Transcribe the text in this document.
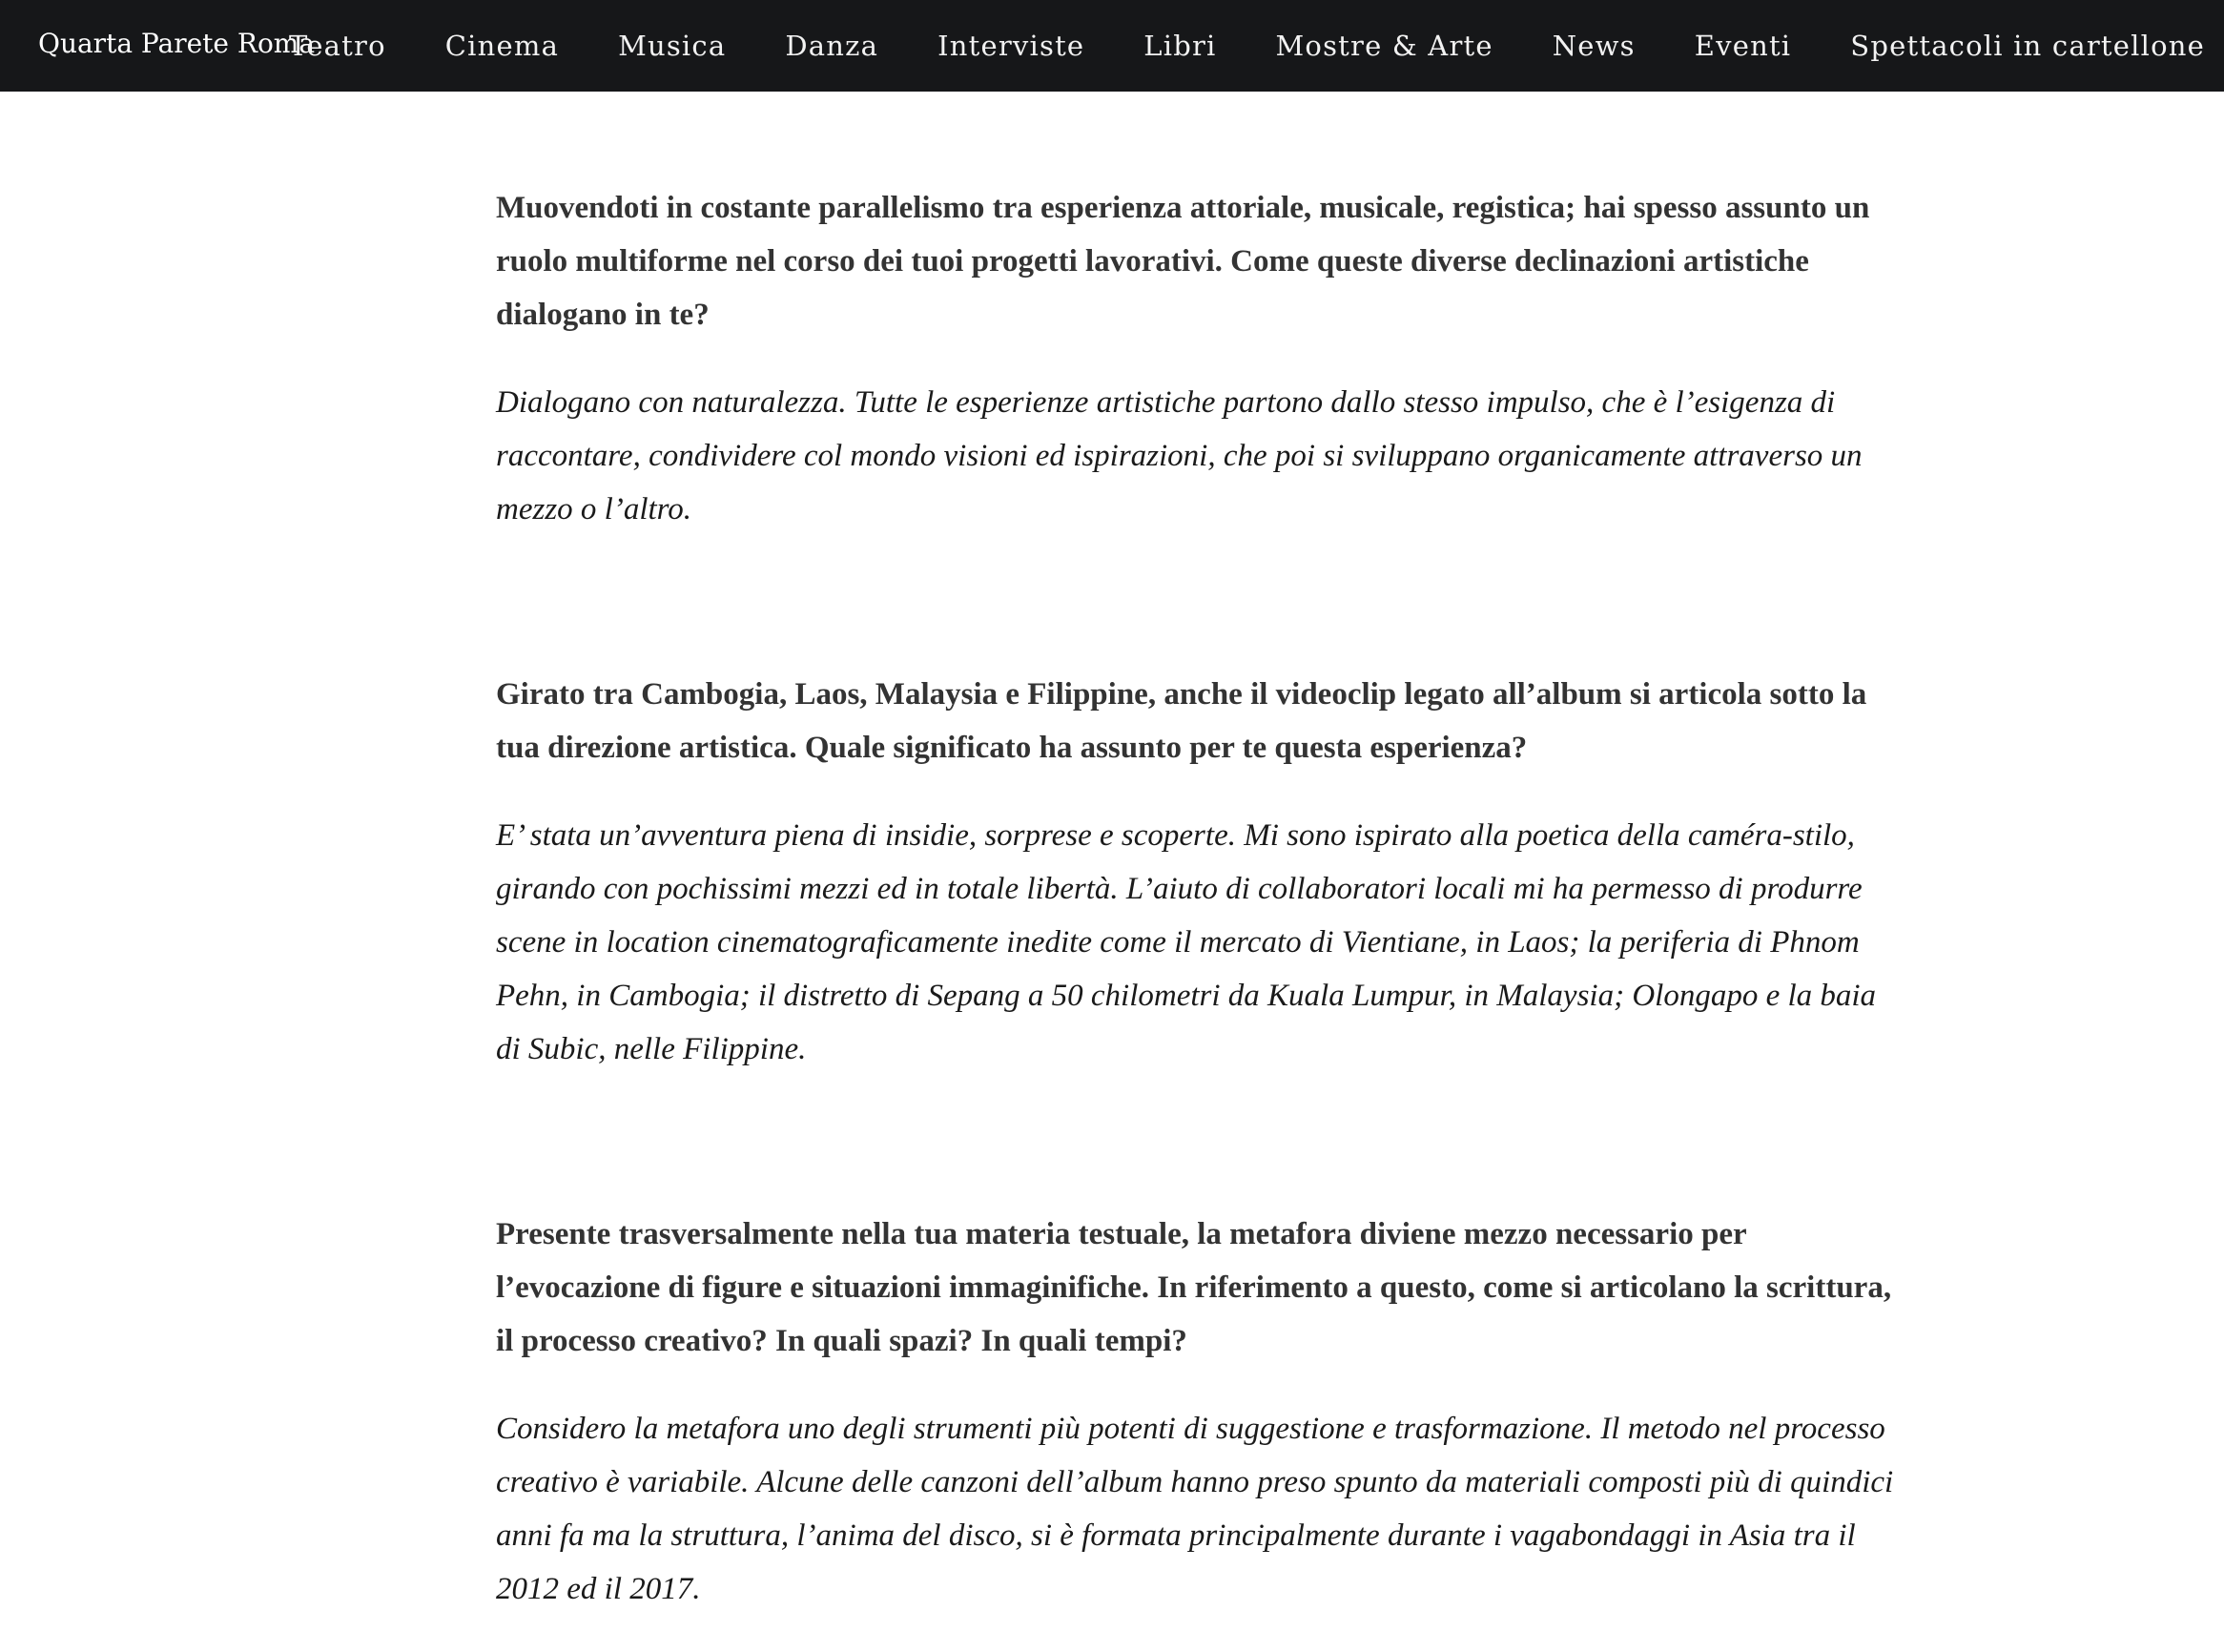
Quarta Parete Roma
Teatro	Cinema	Musica	Danza	Interviste	Libri	Mostre & Arte	News	Eventi	Spettacoli in cartellone

Muovendoti in costante parallelismo tra esperienza attoriale, musicale, registica; hai spesso assunto un ruolo multiforme nel corso dei tuoi progetti lavorativi. Come queste diverse declinazioni artistiche dialogano in te?

Dialogano con naturalezza. Tutte le esperienze artistiche partono dallo stesso impulso, che è l’esigenza di raccontare, condividere col mondo visioni ed ispirazioni, che poi si sviluppano organicamente attraverso un mezzo o l’altro.

Girato tra Cambogia, Laos, Malaysia e Filippine, anche il videoclip legato all’album si articola sotto la tua direzione artistica. Quale significato ha assunto per te questa esperienza?

E’ stata un’avventura piena di insidie, sorprese e scoperte. Mi sono ispirato alla poetica della caméra-stilo, girando con pochissimi mezzi ed in totale libertà. L’aiuto di collaboratori locali mi ha permesso di produrre scene in location cinematograficamente inedite come il mercato di Vientiane, in Laos; la periferia di Phnom Pehn, in Cambogia; il distretto di Sepang a 50 chilometri da Kuala Lumpur, in Malaysia; Olongapo e la baia di Subic, nelle Filippine.

Presente trasversalmente nella tua materia testuale, la metafora diviene mezzo necessario per l’evocazione di figure e situazioni immaginifiche. In riferimento a questo, come si articolano la scrittura, il processo creativo? In quali spazi? In quali tempi?

Considero la metafora uno degli strumenti più potenti di suggestione e trasformazione. Il metodo nel processo creativo è variabile. Alcune delle canzoni dell’album hanno preso spunto da materiali composti più di quindici anni fa ma la struttura, l’anima del disco, si è formata principalmente durante i vagabondaggi in Asia tra il 2012 ed il 2017.
